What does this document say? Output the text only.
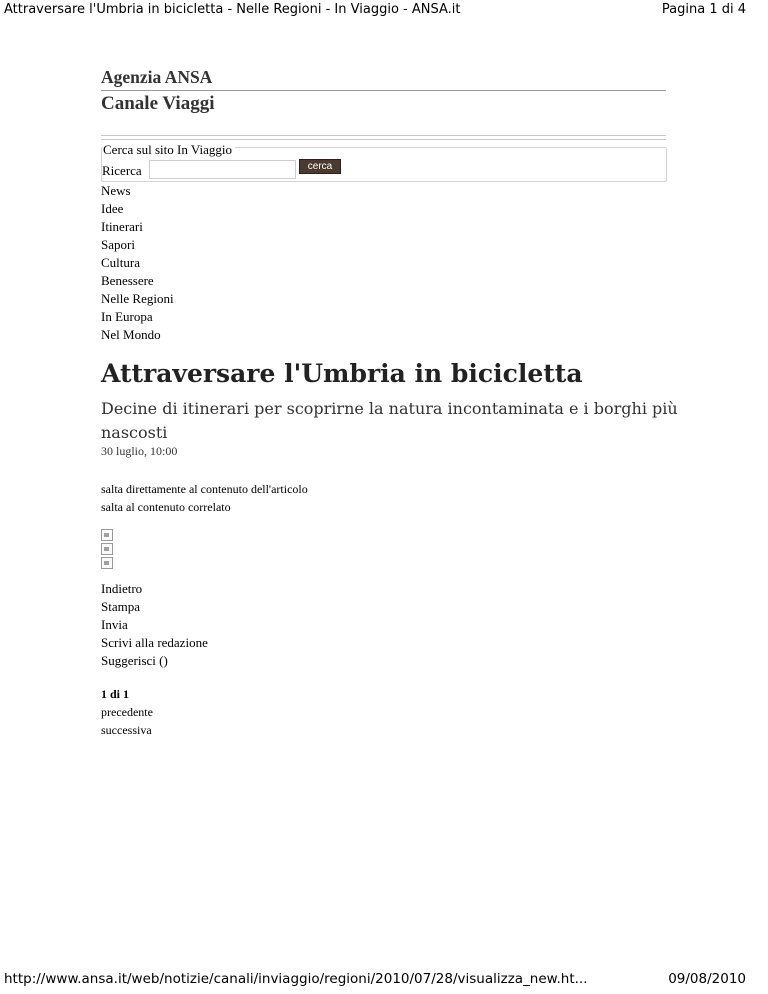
Attraversare l'Umbria in bicicletta - Nelle Regioni - In Viaggio - ANSA.it	Pagina 1 di 4
Agenzia ANSA
Canale Viaggi
Cerca sul sito In Viaggio
Ricerca	cerca
News
Idee
Itinerari
Sapori
Cultura
Benessere
Nelle Regioni
In Europa
Nel Mondo
Attraversare l'Umbria in bicicletta

Decine di itinerari per scoprirne la natura incontaminata e i borghi più nascosti

30 luglio, 10:00
salta direttamente al contenuto dell'articolo
salta al contenuto correlato
Indietro
Stampa
Invia
Scrivi alla redazione
Suggerisci ()
1 di 1
precedente
successiva
http://www.ansa.it/web/notizie/canali/inviaggio/regioni/2010/07/28/visualizza_new.ht...	09/08/2010
